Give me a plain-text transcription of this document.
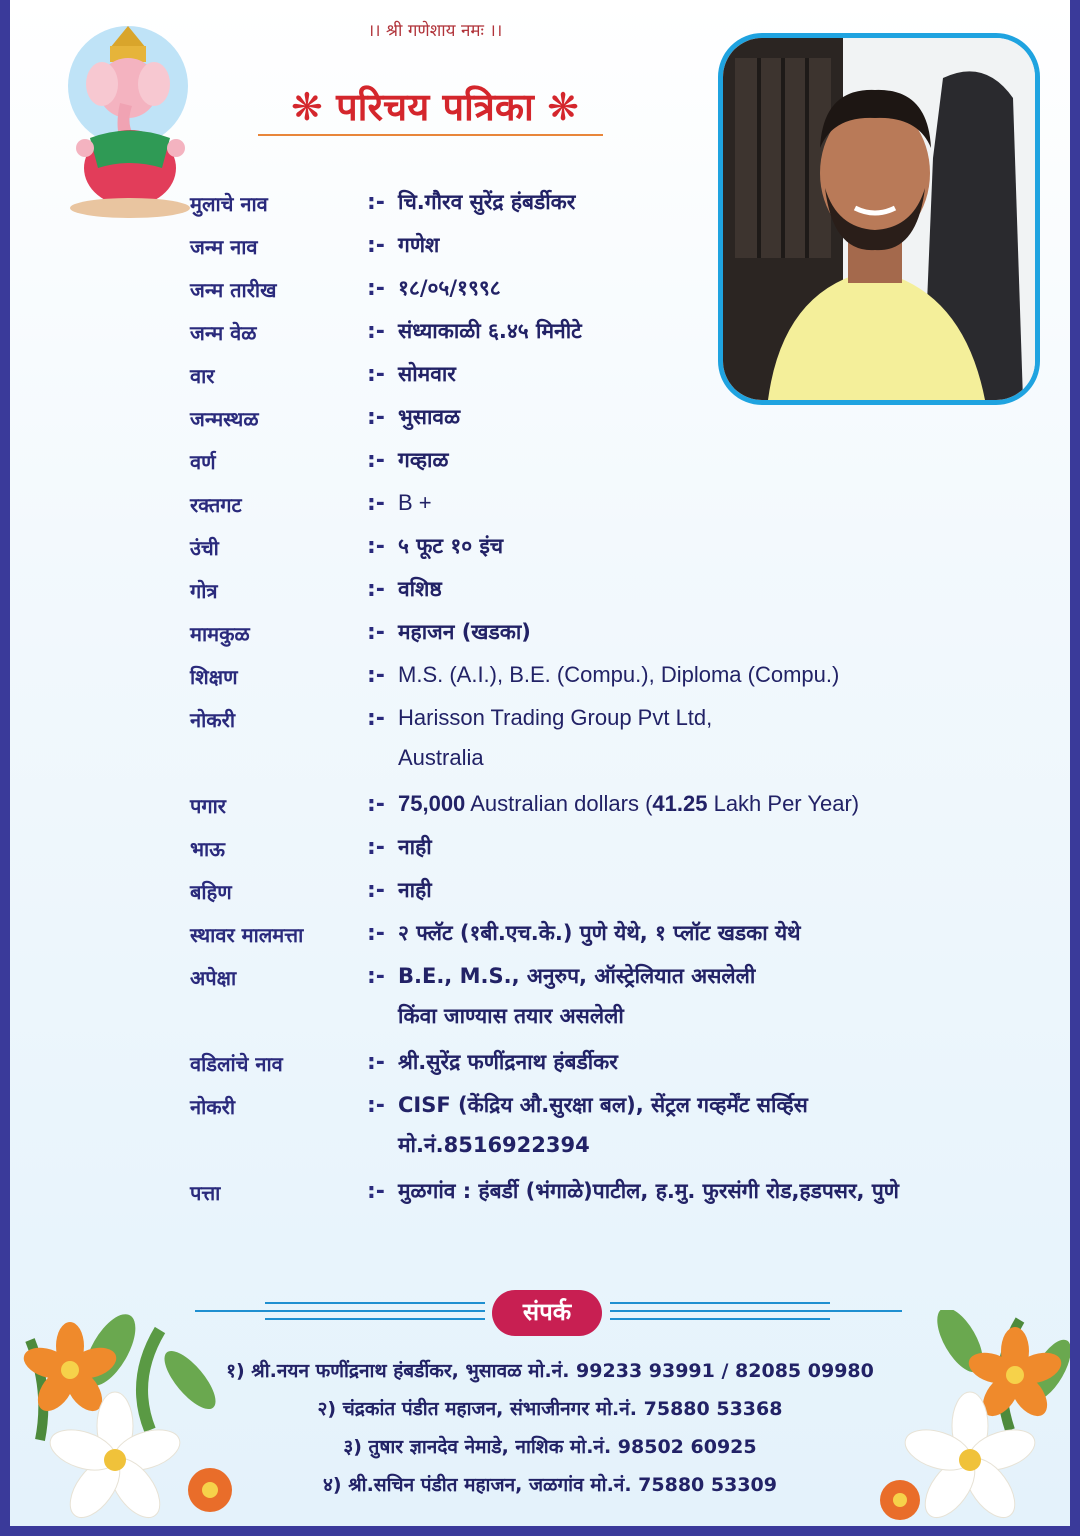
।। श्री गणेशाय नमः ।।
❋ परिचय पत्रिका ❋
मुलाचे नाव	:- चि.गौरव सुरेंद्र हंबर्डीकर
जन्म नाव	:- गणेश
जन्म तारीख	:- १८/०५/१९९८
जन्म वेळ	:- संध्याकाळी ६.४५ मिनीटे
वार	:- सोमवार
जन्मस्थळ	:- भुसावळ
वर्ण	:- गव्हाळ
रक्तगट	:- B +
उंची	:- ५ फूट १० इंच
गोत्र	:- वशिष्ठ
मामकुळ	:- महाजन (खडका)
शिक्षण	:- M.S. (A.I.), B.E. (Compu.), Diploma (Compu.)
नोकरी	:- Harisson Trading Group Pvt Ltd,
Australia
पगार	:- 75,000 Australian dollars (41.25 Lakh Per Year)
भाऊ	:- नाही
बहिण	:- नाही
स्थावर मालमत्ता	:- २ फ्लॅट (१बी.एच.के.) पुणे येथे, १ प्लॉट खडका येथे
अपेक्षा	:- B.E., M.S., अनुरुप, ऑस्ट्रेलियात असलेली
किंवा जाण्यास तयार असलेली
वडिलांचे नाव	:- श्री.सुरेंद्र फणींद्रनाथ हंबर्डीकर
नोकरी	:- CISF (केंद्रिय औ.सुरक्षा बल), सेंट्रल गव्हर्मेंट सर्व्हिस
मो.नं.8516922394
पत्ता	:- मुळगांव : हंबर्डी (भंगाळे)पाटील, ह.मु. फुरसंगी रोड,हडपसर, पुणे
संपर्क
१) श्री.नयन फणींद्रनाथ हंबर्डीकर, भुसावळ मो.नं. 99233 93991 / 82085 09980
२) चंद्रकांत पंडीत महाजन, संभाजीनगर मो.नं. 75880 53368
३) तुषार ज्ञानदेव नेमाडे, नाशिक मो.नं. 98502 60925
४) श्री.सचिन पंडीत महाजन, जळगांव मो.नं. 75880 53309
